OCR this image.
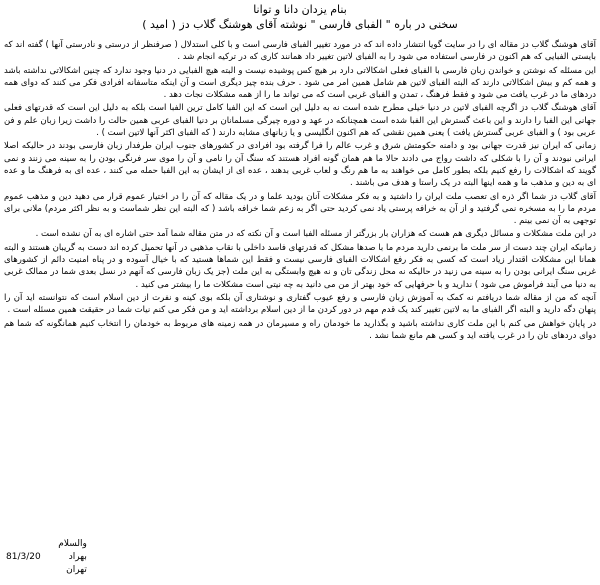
بنام یزدان دانا و توانا
سخنی در باره " الفبای فارسی " نوشته آقای هوشنگ گلاب دز ( امید )

آقای هوشنگ گلاب دز مقاله ای را در سایت گویا انتشار داده اند که در مورد تغییر الفبای فارسی است و با کلی استدلال ( صرفنظر از درستی و نادرستی آنها ) گفته اند که بایستی الفبایی که هم اکنون در فارسی استفاده می شود را به الفبای لاتین تغییر داد همانند کاری که در ترکیه انجام شد .

این مسئله که نوشتن و خواندن زبان فارسی با الفبای فعلی اشکالاتی دارد بر هیچ کس پوشیده نیست و البته هیچ الفبایی در دنیا وجود ندارد که چنین اشکالاتی نداشته باشد و همه کم و بیش اشکالاتی دارند که البته الفبای لاتین هم شامل همین امر می شود . حرف بنده چیز دیگری است و آن اینکه متاسفانه افرادی فکر می کنند که دوای همه دردهای ما در غرب یافت می شود و فقط فرهنگ ، تمدن و الفبای غربی است که می تواند ما را از همه مشکلات نجات دهد .

آقای هوشنگ گلاب دز اگرچه الفبای لاتین در دنیا خیلی مطرح شده است نه به دلیل این است که این الفبا کامل ترین الفبا است بلکه به دلیل این است که قدرتهای فعلی جهانی این الفبا را دارند و این باعث گسترش این الفبا شده است همچنانکه در عهد و دوره چیرگی مسلمانان بر دنیا الفبای عربی همین حالت را داشت زیرا زبان علم و فن عربی بود ) و الفبای عربی گسترش یافت ) یعنی همین نقشی که هم اکنون انگلیسی و یا زبانهای مشابه دارند ( که الفبای اکثر آنها لاتین است ) .

زمانی که ایران نیز قدرت جهانی بود و دامنه حکومتش شرق و غرب عالم را فرا گرفته بود افرادی در کشورهای جنوب ایران طرفدار زبان فارسی بودند در حالیکه اصلا ایرانی نبودند و آن را با شکلی که داشت رواج می دادند حالا ما هم همان گونه افراد هستند که سنگ آن را نامی و آن را موی سر فرنگی بودن را به سینه می زنند و نمی گویند که اشکالات را رفع کنیم بلکه بطور کامل می خواهند به ما هم رنگ و لعاب غربی بدهند ، عده ای از ایشان به این الفبا حمله می کنند ، عده ای به فرهنگ ما و عده ای به دین و مذهب ما و همه اینها البته در یک راستا و هدف می باشند .

آقای گلاب دز شما اگر ذره ای تعصب ملت ایران را داشتید و به فکر مشکلات آنان بودید علما و در یک مقاله که آن را در اختیار عموم قرار می دهید دین و مذهب عموم مردم ما را به مسخره نمی گرفتید و از آن به خرافه پرستی یاد نمی کردید حتی اگر به زعم شما خرافه باشد ( که البته این نظر شماست و به نظر اکثر مردم) ملانی برای توجهی به آن نمی بینم .

در این ملت مشکلات و مسائل دیگری هم هست که هزاران بار بزرگتر از مسئله الفبا است و آن نکته که در متن مقاله شما آمد حتی اشاره ای به آن نشده است .

زمانیکه ایران چند دست از سر ملت ما برنمی دارید مردم ما با صدها مشکل که قدرتهای فاسد داخلی با نقاب مذهبی در آنها تحمیل کرده اند دست به گریبان هستند و البته همانا این مشکلات اقتدار زیاد است که کسی به فکر رفع اشکالات الفبای فارسی نیست و فقط این شماها هستید که با خیال آسوده و در پناه امنیت دائم از کشورهای غربی سنگ ایرانی بودن را به سینه می زنید در حالیکه نه محل زندگی تان و نه هیچ وابستگی به این ملت (جز یک زبان فارسی که آنهم در نسل بعدی شما در ممالک غربی به دنیا می آیند فراموش می شود ) ندارید و با حرفهایی که خود بهتر از من می دانید به چه نیتی است مشکلات ما را بیشتر می کنید .

آنچه که من از مقاله شما دریافتم نه کمک به آموزش زبان فارسی و رفع عیوب گفتاری و نوشتاری آن بلکه بوی کینه و نفرت از دین اسلام است که نتوانسته اید آن را پنهان دگه دارید و البته اگر الفبای ما به لاتین تغییر کند یک قدم مهم در دور کردن ما از دین اسلام برداشته اید و من فکر می کنم نیات شما در حقیقت همین مسئله است .

در پایان خواهش می کنم با این ملت کاری نداشته باشید و بگذارید ما خودمان راه و مسیرمان در همه زمینه های مربوط به خودمان را انتخاب کنیم همانگونه که شما هم دوای دردهای تان را در غرب یافته اید و کسی هم مانع شما نشد .

والسلام
بهراد
81/3/20
تهران
